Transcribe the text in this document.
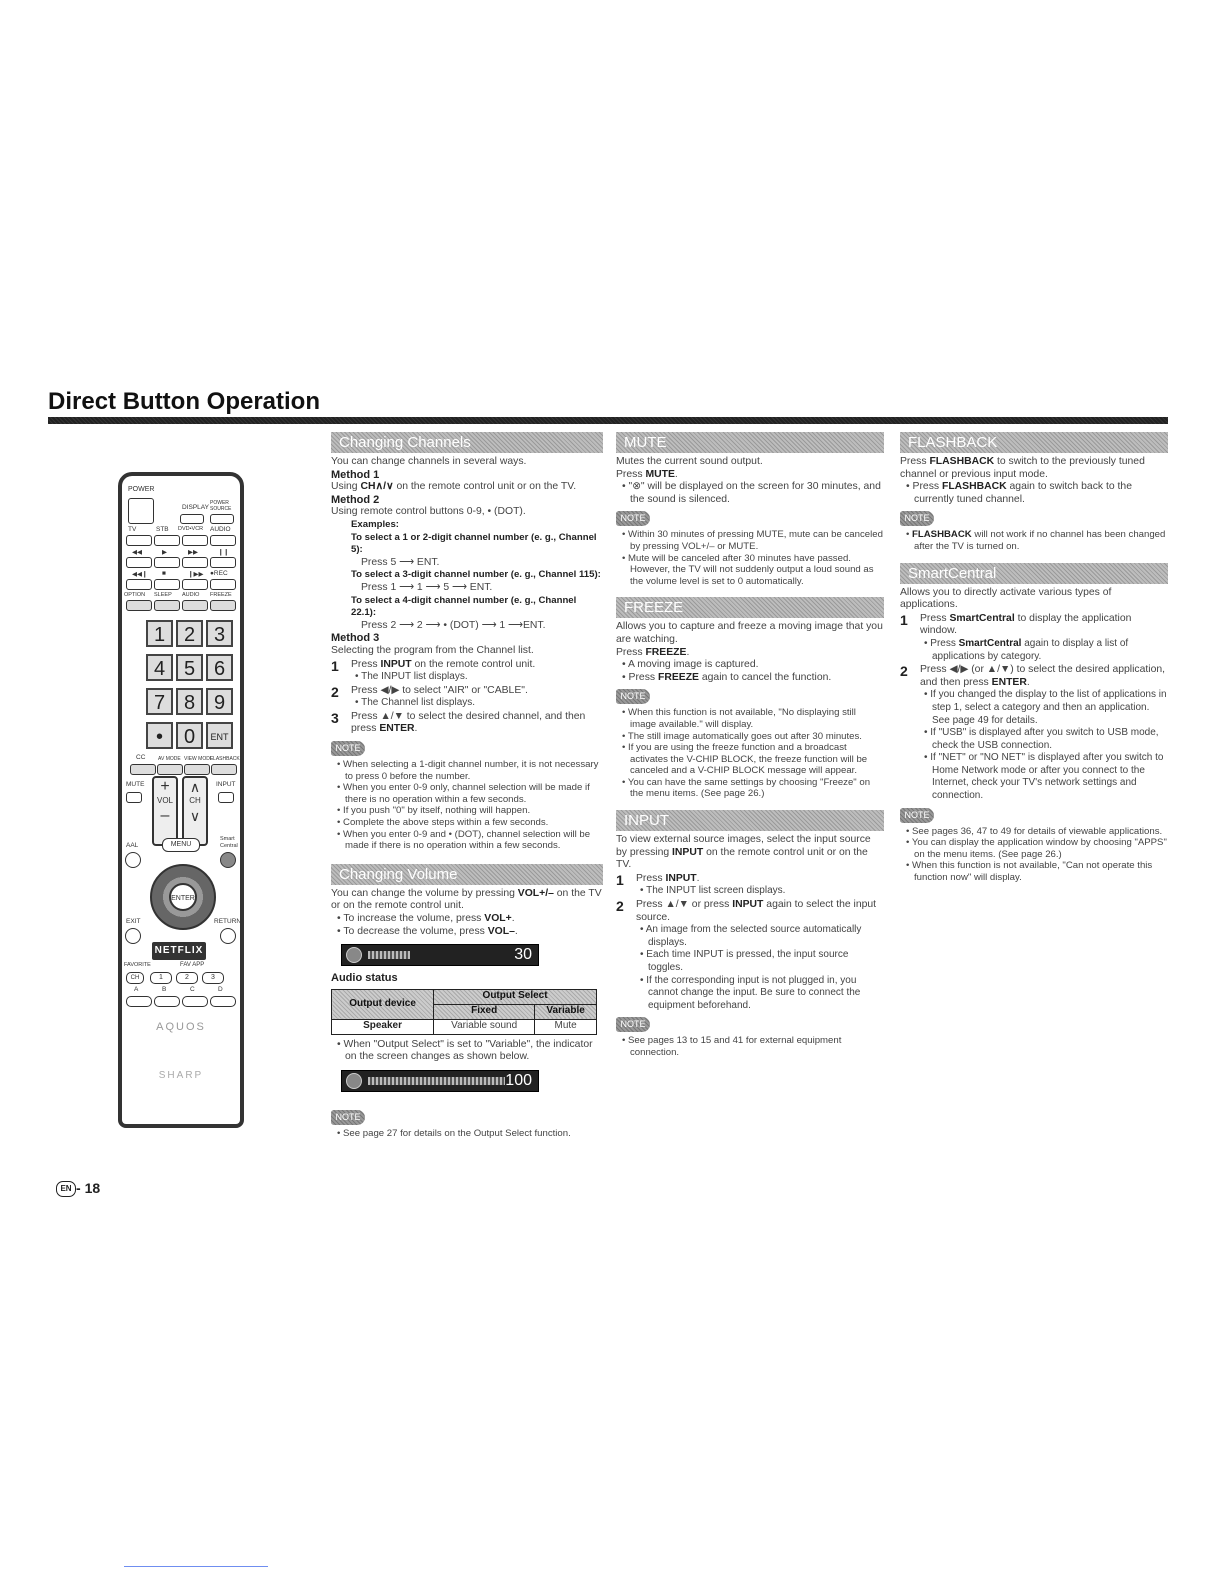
Direct Button Operation
POWER
DISPLAY
POWER SOURCE
TV	STB DVD•VCR AUDIO
◀◀	▶	▶▶	❙❙
◀◀❙ ■	❙▶▶ ●REC
OPTION SLEEP AUDIO FREEZE
1 2 3
4 5 6
7 8 9
•	0	ENT
CC	AV MODE VIEW MODE
FLASHBACK
MUTE +
VOL
–
∧
CH
∨
INPUT
AAL	MENU
Smart
Central
ENTER
EXIT	RETURN
NETFLIX
FAVORITE	FAV APP
CH	1	2	3
A	B	C	D
AQUOS
SHARP
Changing Channels

You can change channels in several ways.

Method 1

Using CH∧/∨ on the remote control unit or on the TV.

Method 2

Using remote control buttons 0-9, • (DOT).

Examples:

To select a 1 or 2-digit channel number (e. g., Channel 5):

Press 5 ⟶ ENT.

To select a 3-digit channel number (e. g., Channel 115):

Press 1 ⟶ 1 ⟶ 5 ⟶ ENT.

To select a 4-digit channel number (e. g., Channel 22.1):

Press 2 ⟶ 2 ⟶ • (DOT) ⟶ 1 ⟶ENT.

Method 3

Selecting the program from the Channel list.

1	Press INPUT on the remote control unit.

• The INPUT list displays.

2	Press ◀/▶ to select "AIR" or "CABLE".

• The Channel list displays.

3	Press ▲/▼ to select the desired channel, and then press ENTER.

NOTE

• When selecting a 1-digit channel number, it is not necessary to press 0 before the number.

• When you enter 0-9 only, channel selection will be made if there is no operation within a few seconds.

• If you push "0" by itself, nothing will happen.

• Complete the above steps within a few seconds.

• When you enter 0-9 and • (DOT), channel selection will be made if there is no operation within a few seconds.

Changing Volume

You can change the volume by pressing VOL+/– on the TV or on the remote control unit.

• To increase the volume, press VOL+.

• To decrease the volume, press VOL–.

30

Audio status

Output device	Output Select	
	Fixed	Variable
Speaker	Variable sound	Mute

• When "Output Select" is set to "Variable", the indicator on the screen changes as shown below.

100
NOTE

• See page 27 for details on the Output Select function.

MUTE

Mutes the current sound output.

Press MUTE.

• "⊗" will be displayed on the screen for 30 minutes, and the sound is silenced.

NOTE

• Within 30 minutes of pressing MUTE, mute can be canceled by pressing VOL+/– or MUTE.

• Mute will be canceled after 30 minutes have passed. However, the TV will not suddenly output a loud sound as the volume level is set to 0 automatically.

FREEZE

Allows you to capture and freeze a moving image that you are watching.

Press FREEZE.

• A moving image is captured.

• Press FREEZE again to cancel the function.

NOTE

• When this function is not available, "No displaying still image available." will display.

• The still image automatically goes out after 30 minutes.

• If you are using the freeze function and a broadcast activates the V-CHIP BLOCK, the freeze function will be canceled and a V-CHIP BLOCK message will appear.

• You can have the same settings by choosing "Freeze" on the menu items. (See page 26.)

INPUT

To view external source images, select the input source by pressing INPUT on the remote control unit or on the TV.

1	Press INPUT.

• The INPUT list screen displays.

2	Press ▲/▼ or press INPUT again to select the input source.

• An image from the selected source automatically displays.

• Each time INPUT is pressed, the input source toggles.

• If the corresponding input is not plugged in, you cannot change the input. Be sure to connect the equipment beforehand.

NOTE

• See pages 13 to 15 and 41 for external equipment connection.

FLASHBACK

Press FLASHBACK to switch to the previously tuned channel or previous input mode.

• Press FLASHBACK again to switch back to the currently tuned channel.

NOTE

• FLASHBACK will not work if no channel has been changed after the TV is turned on.

SmartCentral

Allows you to directly activate various types of applications.

1	Press SmartCentral to display the application window.

• Press SmartCentral again to display a list of applications by category.

2	Press ◀/▶ (or ▲/▼) to select the desired application, and then press ENTER.

• If you changed the display to the list of applications in step 1, select a category and then an application. See page 49 for details.

• If "USB" is displayed after you switch to USB mode, check the USB connection.

• If "NET" or "NO NET" is displayed after you switch to Home Network mode or after you connect to the Internet, check your TV's network settings and connection.

NOTE

• See pages 36, 47 to 49 for details of viewable applications.

• You can display the application window by choosing "APPS" on the menu items. (See page 26.)

• When this function is not available, "Can not operate this function now" will display.

EN - 18
